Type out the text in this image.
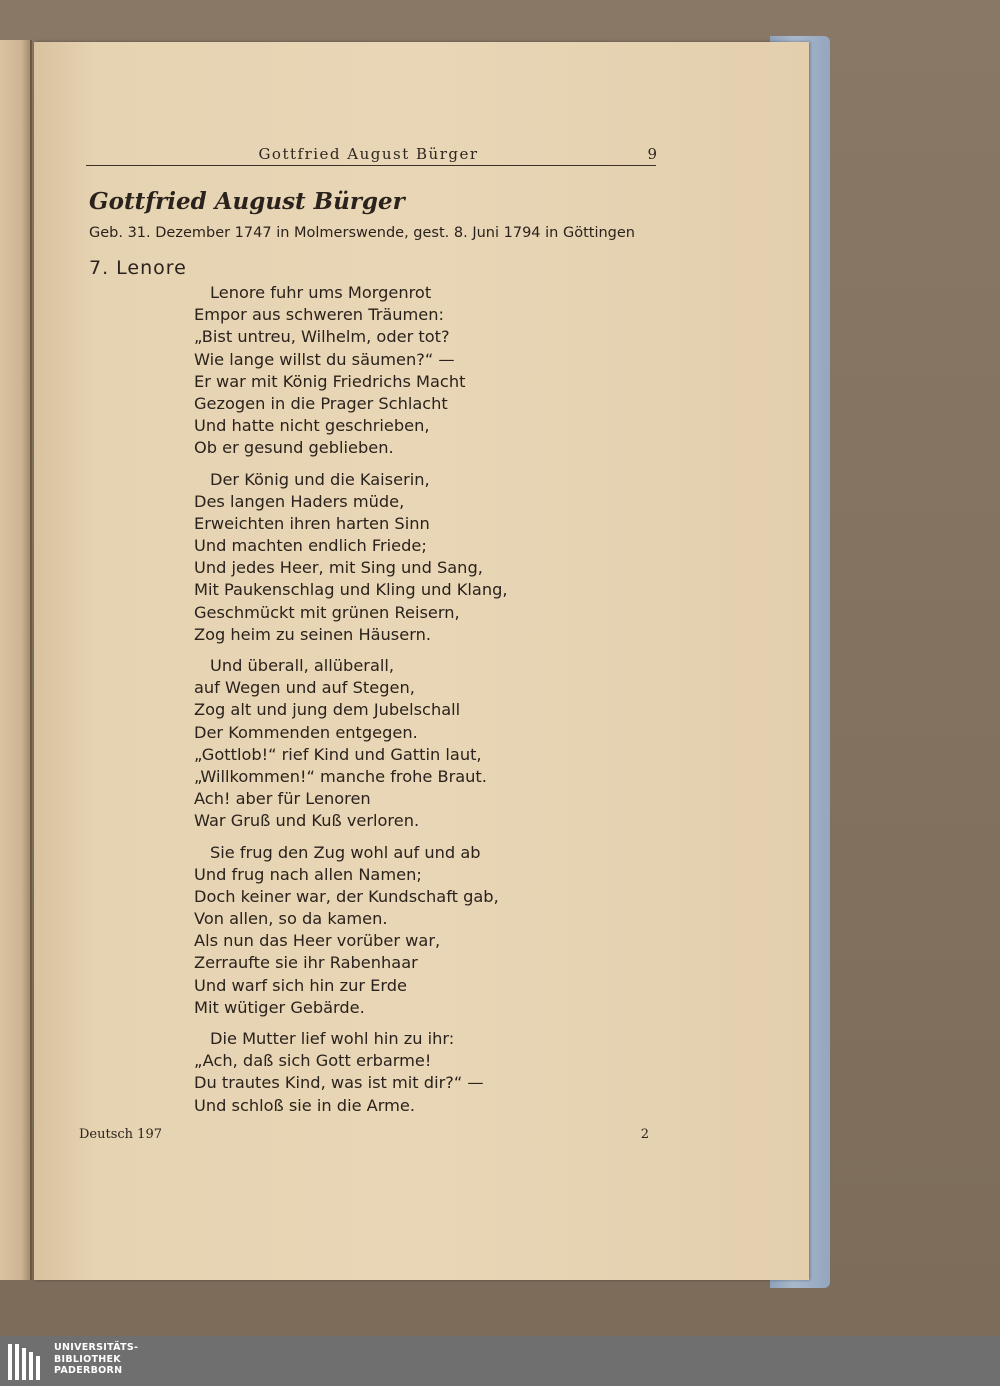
Gottfried August Bürger	9
Gottfried August Bürger
Geb. 31. Dezember 1747 in Molmerswende, gest. 8. Juni 1794 in Göttingen
7. Lenore
Lenore fuhr ums Morgenrot
Empor aus schweren Träumen:
„Bist untreu, Wilhelm, oder tot?
Wie lange willst du säumen?“ —
Er war mit König Friedrichs Macht
Gezogen in die Prager Schlacht
Und hatte nicht geschrieben,
Ob er gesund geblieben.
Der König und die Kaiserin,
Des langen Haders müde,
Erweichten ihren harten Sinn
Und machten endlich Friede;
Und jedes Heer, mit Sing und Sang,
Mit Paukenschlag und Kling und Klang,
Geschmückt mit grünen Reisern,
Zog heim zu seinen Häusern.
Und überall, allüberall,
auf Wegen und auf Stegen,
Zog alt und jung dem Jubelschall
Der Kommenden entgegen.
„Gottlob!“ rief Kind und Gattin laut,
„Willkommen!“ manche frohe Braut.
Ach! aber für Lenoren
War Gruß und Kuß verloren.
Sie frug den Zug wohl auf und ab
Und frug nach allen Namen;
Doch keiner war, der Kundschaft gab,
Von allen, so da kamen.
Als nun das Heer vorüber war,
Zerraufte sie ihr Rabenhaar
Und warf sich hin zur Erde
Mit wütiger Gebärde.
Die Mutter lief wohl hin zu ihr:
„Ach, daß sich Gott erbarme!
Du trautes Kind, was ist mit dir?“ —
Und schloß sie in die Arme.
Deutsch 197	2
UNIVERSITÄTS-
BIBLIOTHEK
PADERBORN
